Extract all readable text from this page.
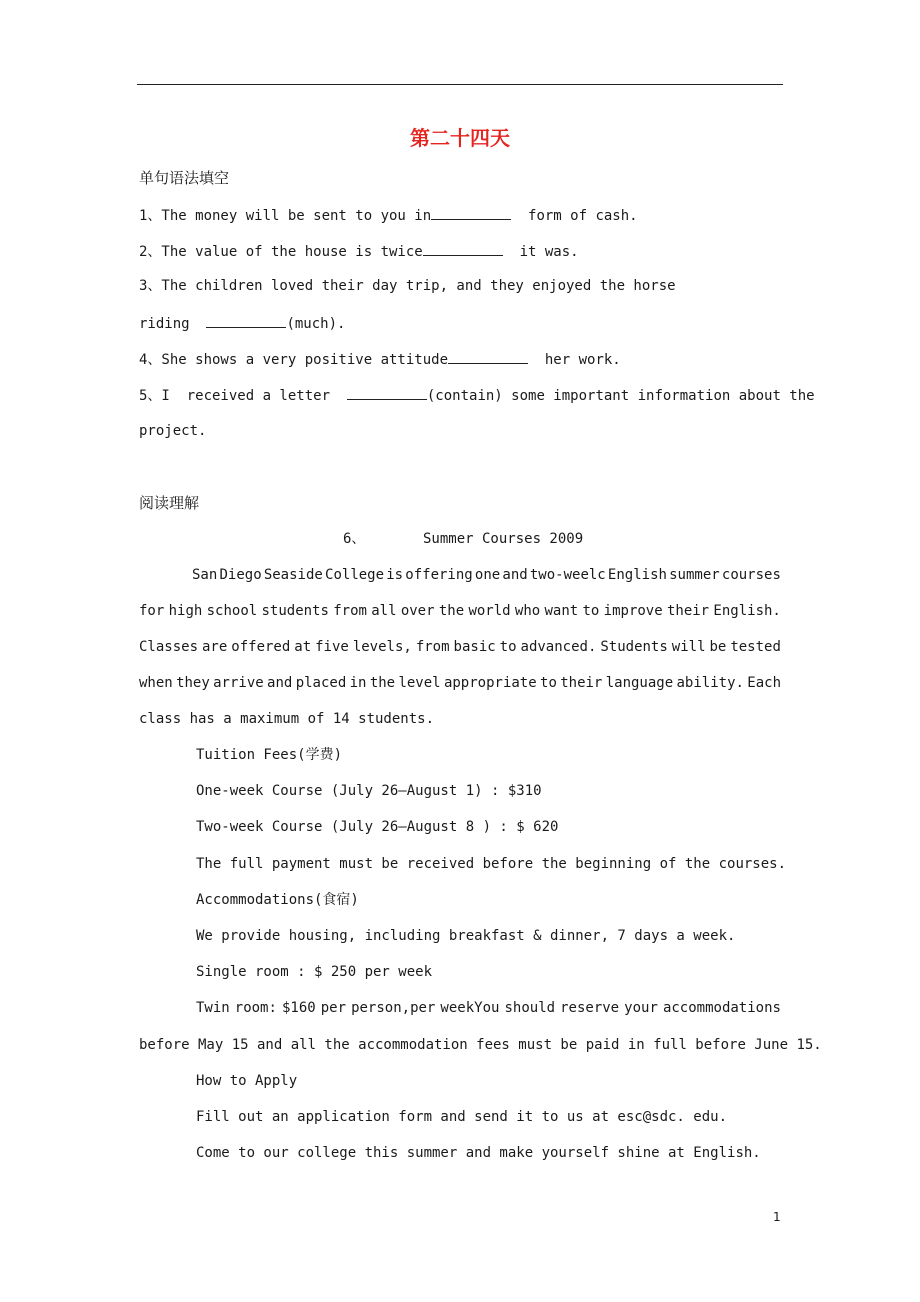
第二十四天

单句语法填空

1、The money will be sent to you in	form of cash.

2、The value of the house is twice	it was.

3、The children loved their day trip, and they enjoyed the horse

riding	(much).

4、She shows a very positive attitude	her work.

5、I  received a letter	(contain) some important information about the

project.

阅读理解

6、	Summer Courses 2009

San Diego Seaside College is offering one and two-weelc English summer courses

for high school students from all over the world who want to improve their English.

Classes are offered at five levels, from basic to advanced. Students will be tested

when they arrive and placed in the level appropriate to their language ability. Each

class has a maximum of 14 students.

Tuition Fees(学费)

One-week Course (July 26—August 1) : $310

Two-week Course (July 26—August 8 ) : $ 620

The full payment must be received before the beginning of the courses.

Accommodations(食宿)

We provide housing, including breakfast & dinner, 7 days a week.

Single room : $ 250 per week

Twin room: $160 per person,per weekYou should reserve your accommodations

before May 15 and all the accommodation fees must be paid in full before June 15.

How to Apply

Fill out an application form and send it to us at esc@sdc. edu.

Come to our college this summer and make yourself shine at English.

1
